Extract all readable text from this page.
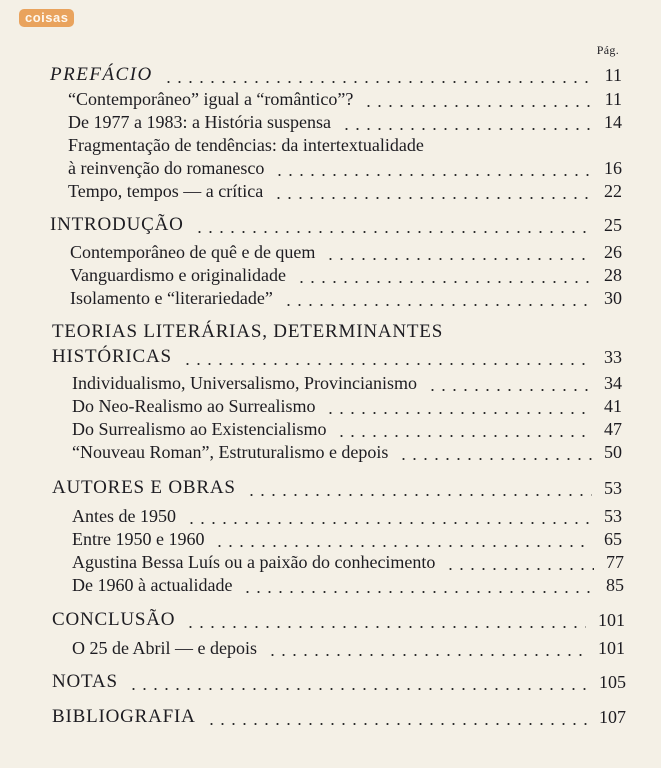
coisas
Pág.
PREFÁCIO	11
“Contemporâneo” igual a “romântico”?	11
De 1977 a 1983: a História suspensa	14
Fragmentação de tendências: da intertextualidade
à reinvenção do romanesco	16
Tempo, tempos — a crítica	22
INTRODUÇÃO	25
Contemporâneo de quê e de quem	26
Vanguardismo e originalidade	28
Isolamento e “literariedade”	30
TEORIAS LITERÁRIAS, DETERMINANTES
HISTÓRICAS	33
Individualismo, Universalismo, Provincianismo	34
Do Neo-Realismo ao Surrealismo	41
Do Surrealismo ao Existencialismo	47
“Nouveau Roman”, Estruturalismo e depois	50
AUTORES E OBRAS	53
Antes de 1950	53
Entre 1950 e 1960	65
Agustina Bessa Luís ou a paixão do conhecimento	77
De 1960 à actualidade	85
CONCLUSÃO	101
O 25 de Abril — e depois	101
NOTAS	105
BIBLIOGRAFIA	107
